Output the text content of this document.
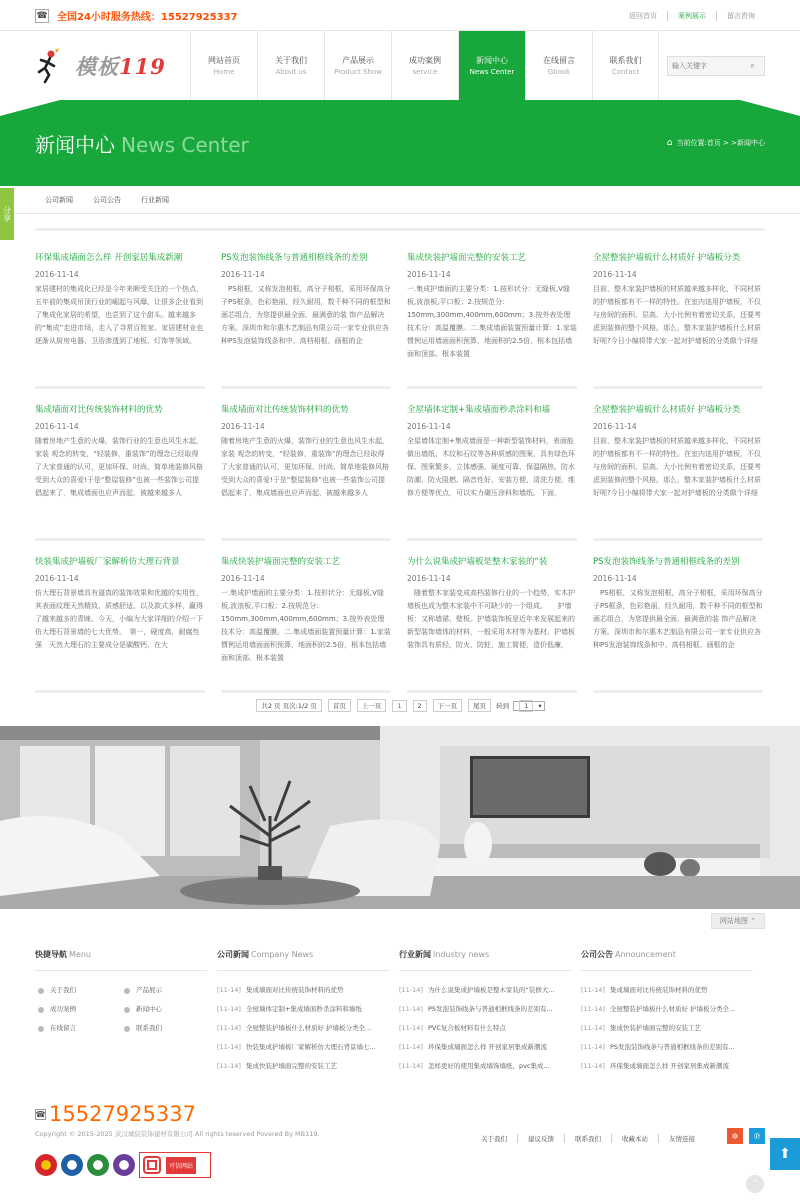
☎ 全国24小时服务热线：15527925337	返回首页	案例展示	留言咨询
模板119	网站首页
Home
关于我们
About us
产品展示
Product Show
成功案例
service
新闻中心
News Center
在线留言
Gbook
联系我们
Contact
输入关键字
⌕
新闻中心 News Center	⌂ 当前位置:首页 > >新闻中心
公司新闻	公司公告	行业新闻
分享
环保集成墙面怎么样 开创家居集成新潮
2016-11-14
家居建材的集成化已经是今年来颇受关注的一个热点，五年前的集成吊顶行业的崛起与风靡，让很多企业看到了集成化家居的希望，也尝到了这个甜头。越来越多的“集成”走进市场，走入了寻常百姓家。家居建材业也逐渐从厨房电器、卫浴渗透到了地板、灯饰等领域。
PS发泡装饰线条与普通相框线条的差别
2016-11-14
　PS相框，又称发泡相框，高分子相框，采用环保高分子PS框条，色彩艳丽，经久耐用，数千种不同的框型和画芯组合，为您提供最全面、最满意的装 饰产品解决方案。深圳市和尔惠木艺制品有限公司一家专业供应各种PS发泡装饰线条和中、高档相框、画框的企
集成快装护墙面完整的安装工艺
2016-11-14
一.集成护墙面的主要分类：1.按形状分：无缝板,V缝板,波浪板,平口板；2.按规范分：150mm,300mm,400mm,600mm；3.按外表处理技术分：高温覆膜。二.集成墙面装置预量计算：1.家装惯例运用墙面面积预算，地面积的2.5倍，根本包括墙面和顶部。根本装置
全屋整装护墙板什么材质好 护墙板分类
2016-11-14
目前，整木家装护墙板的材质越来越多样化，不同材质的护墙板都有不一样的特性。在室内选用护墙板，不仅与房间的面积、层高、大小比例有着密切关系，还要考虑到装修的整个风格。那么，整木家装护墙板什么材质好呢?今日小编将带大家一起对护墙板的分类做个详细
集成墙面对比传统装饰材料的优势
2016-11-14
随着房地产生意的火爆，装饰行业的生意也风生水起，家装 观念的转变，“轻装修，重装饰”的理念已经取得了大家普通的认可，更加环保、时尚、简单地装修风格受到大众的喜爱!于是“整屋装修”也被一些装饰公司提倡起来了，集成墙面也应声而起，被越来越多人
集成墙面对比传统装饰材料的优势
2016-11-14
随着房地产生意的火爆，装饰行业的生意也风生水起，家装 观念的转变，“轻装修，重装饰”的理念已经取得了大家普通的认可，更加环保、时尚、简单地装修风格受到大众的喜爱!于是“整屋装修”也被一些装饰公司提倡起来了，集成墙面也应声而起，被越来越多人
全屋墙体定制+集成墙面秒杀涂料和墙
2016-11-14
全屋墙体定制+集成墙面是一种新型装饰材料，表面能做出墙纸、木纹和石纹等各种质感的图案，具有绿色环保、图案繁多、立体感强、硬度可靠、保温隔热、防水防潮、防火阻燃、隔音性好、安装方便、清洗方便、维修方便等优点，可以实力碾压涂料和墙纸。下面，
全屋整装护墙板什么材质好 护墙板分类
2016-11-14
目前，整木家装护墙板的材质越来越多样化，不同材质的护墙板都有不一样的特性。在室内选用护墙板，不仅与房间的面积、层高、大小比例有着密切关系，还要考虑到装修的整个风格。那么，整木家装护墙板什么材质好呢?今日小编将带大家一起对护墙板的分类做个详细
快装集成护墙板厂家解析仿大理石背景
2016-11-14
仿大理石背景墙具有逼真的装饰效果和优越的实用性，其表面纹理天然精致、质感舒适，以及款式多样，赢得了越来越多的青睐。今天，小编为大家详细的介绍一下仿大理石背景墙的七大优势。　第一，硬度高，耐腐性强　天然大理石的主要成分是碳酸钙，在大
集成快装护墙面完整的安装工艺
2016-11-14
一.集成护墙面的主要分类：1.按形状分：无缝板,V缝板,波浪板,平口板；2.按规范分：150mm,300mm,400mm,600mm；3.按外表处理技术分：高温覆膜。二.集成墙面装置预量计算：1.家装惯例运用墙面面积预算，地面积的2.5倍，根本包括墙面和顶部。根本装置
为什么说集成护墙板是整木家装的“装
2016-11-14
　随着整木家装变成高档装修行业的一个趋势，实木护墙板也成为整木家装中不可缺少的一个组成。　　护墙板：又称墙裙、壁板。护墙装饰板是近年来发展起来的新型装饰墙体的材料，一般采用木材等为基材。护墙板装饰具有质轻，防火、防蛀，施工简便，造价低廉，
PS发泡装饰线条与普通相框线条的差别
2016-11-14
　PS相框，又称发泡相框，高分子相框，采用环保高分子PS框条，色彩艳丽，经久耐用，数千种不同的框型和画芯组合，为您提供最全面、最满意的装 饰产品解决方案。深圳市和尔惠木艺制品有限公司一家专业供应各种PS发泡装饰线条和中、高档相框、画框的企
共2 页 页次:1/2 页	首页	上一页	1	2	下一页	尾页	转到	1 ▾
网站地图 ⌃
快捷导航 Menu
关于我们	产品展示
成功案例	新闻中心
在线留言	联系我们
公司新闻 Company News
[11-14] 集成墙面对比传统装饰材料的优势
[11-14] 全屋墙体定制+集成墙面秒杀涂料和墙纸
[11-14] 全屋整装护墙板什么材质好 护墙板分类全...
[11-14] 快装集成护墙板厂家解析仿大理石背景墙七...
[11-14] 集成快装护墙面完整的安装工艺
行业新闻 Industry news
[11-14] 为什么说集成护墙板是整木家装的“装修大...
[11-14] PS发泡装饰线条与普通相框线条的差别有...
[11-14] PVC复合板材料有什么特点
[11-14] 环保集成墙面怎么样 开创家居集成新潮流
[11-14] 怎样更好的使用集成墙饰墙纸、pvc集成...
公司公告 Announcement
[11-14] 集成墙面对比传统装饰材料的优势
[11-14] 全屋整装护墙板什么材质好 护墙板分类全...
[11-14] 集成快装护墙面完整的安装工艺
[11-14] PS发泡装饰线条与普通相框线条的差别有...
[11-14] 环保集成墙面怎么样 开创家居集成新潮流
☎ 15527925337
Copyright © 2015-2025 武汉城宸装饰建材有限公司 All rights teserved Povered By MB119.
可信网站
关于我们	建议反馈	联系我们	收藏本站	友情连接	✲	℗
⬆
⌃
